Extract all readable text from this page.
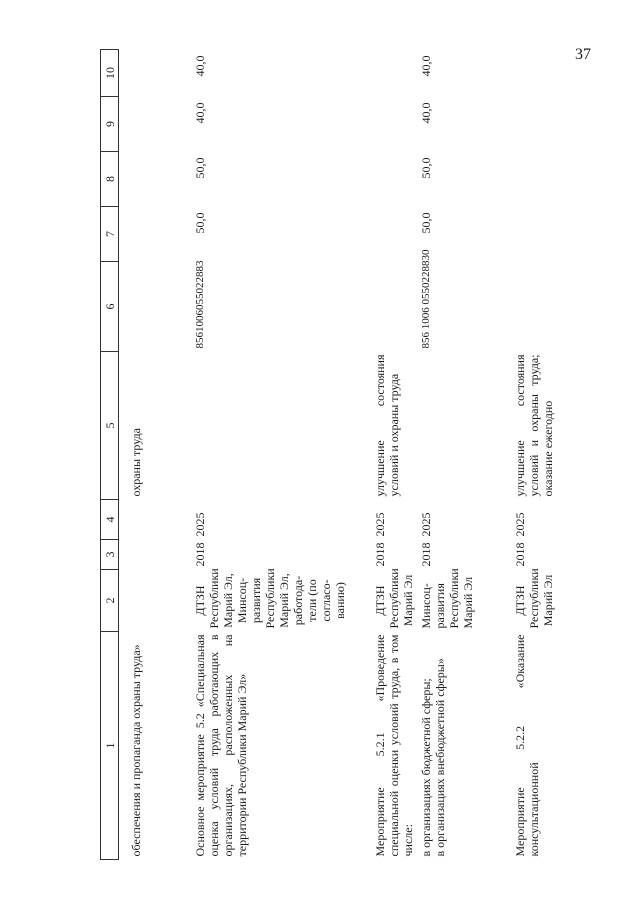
37
1	2	3	4	5	6	7	8	9	10
обеспечения и пропаганда охраны труда»				охраны труда					
Основное мероприятие 5.2 «Специальная оценка условий труда работающих в организациях, расположенных на территории Республики Марий Эл»	ДТЗН Республики Марий Эл, Минсоц-развития Республики Марий Эл, работода-тели (по согласо-ванию)	2018	2025		8561006055022883	50,0	50,0	40,0	40,0
Мероприятие 5.2.1 «Проведение специальной оценки условий труда, в том числе:	ДТЗН Республики Марий Эл	2018	2025	улучшение состояния условий и охраны труда					

в организациях бюджетной сферы; в организациях внебюджетной сферы»	Минсоц-развития Республики Марий Эл	2018	2025		856 1006 0550228830	50,0	50,0	40,0	40,0
Мероприятие 5.2.2 «Оказание консультационной	ДТЗН Республики Марий Эл	2018	2025	улучшение состояния условий и охраны труда; оказание ежегодно					
